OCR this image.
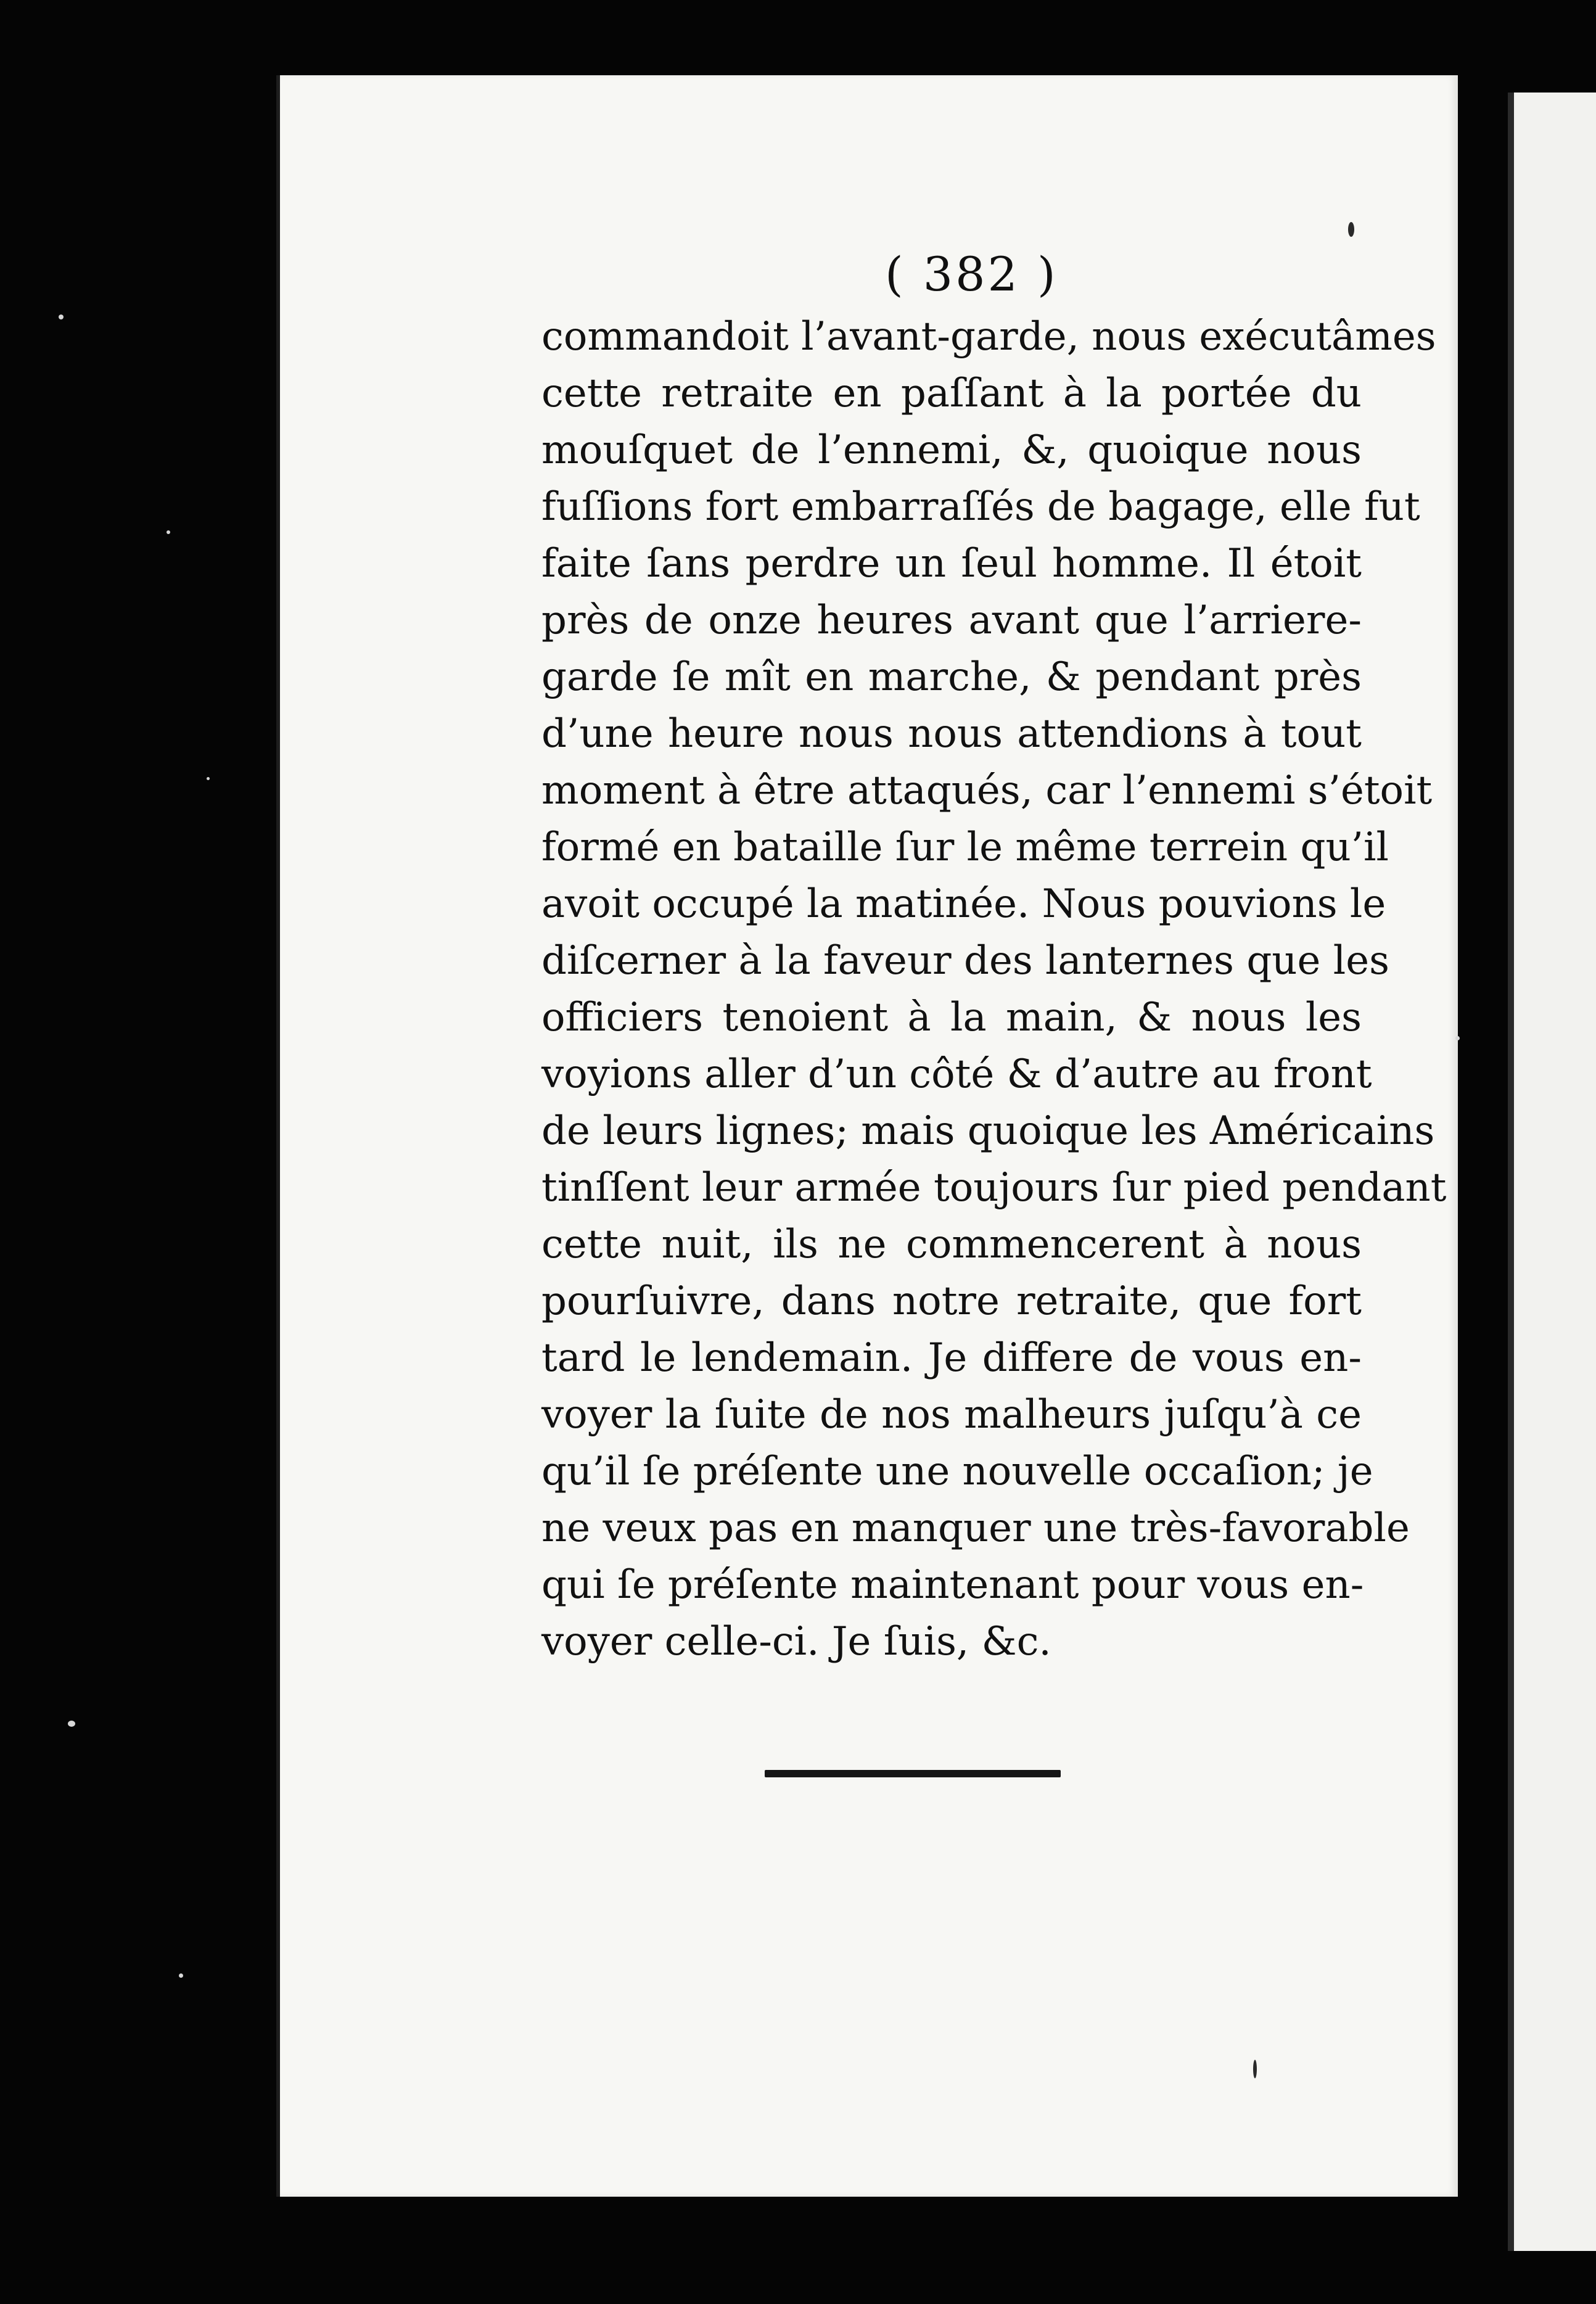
( 382 )
commandoit l’avant-garde, nous exécutâmes
cette retraite en paſſant à la portée du
mouſquet de l’ennemi, &, quoique nous
fuſſions fort embarraſſés de bagage, elle fut
faite ſans perdre un ſeul homme. Il étoit
près de onze heures avant que l’arriere-
garde ſe mît en marche, & pendant près
d’une heure nous nous attendions à tout
moment à être attaqués, car l’ennemi s’étoit
formé en bataille ſur le même terrein qu’il
avoit occupé la matinée. Nous pouvions le
diſcerner à la faveur des lanternes que les
officiers tenoient à la main, & nous les
voyions aller d’un côté & d’autre au front
de leurs lignes; mais quoique les Américains
tinſſent leur armée toujours ſur pied pendant
cette nuit, ils ne commencerent à nous
pourſuivre, dans notre retraite, que fort
tard le lendemain. Je differe de vous en-
voyer la ſuite de nos malheurs juſqu’à ce
qu’il ſe préſente une nouvelle occaſion; je
ne veux pas en manquer une très-favorable
qui ſe préſente maintenant pour vous en-
voyer celle-ci. Je ſuis, &c.
